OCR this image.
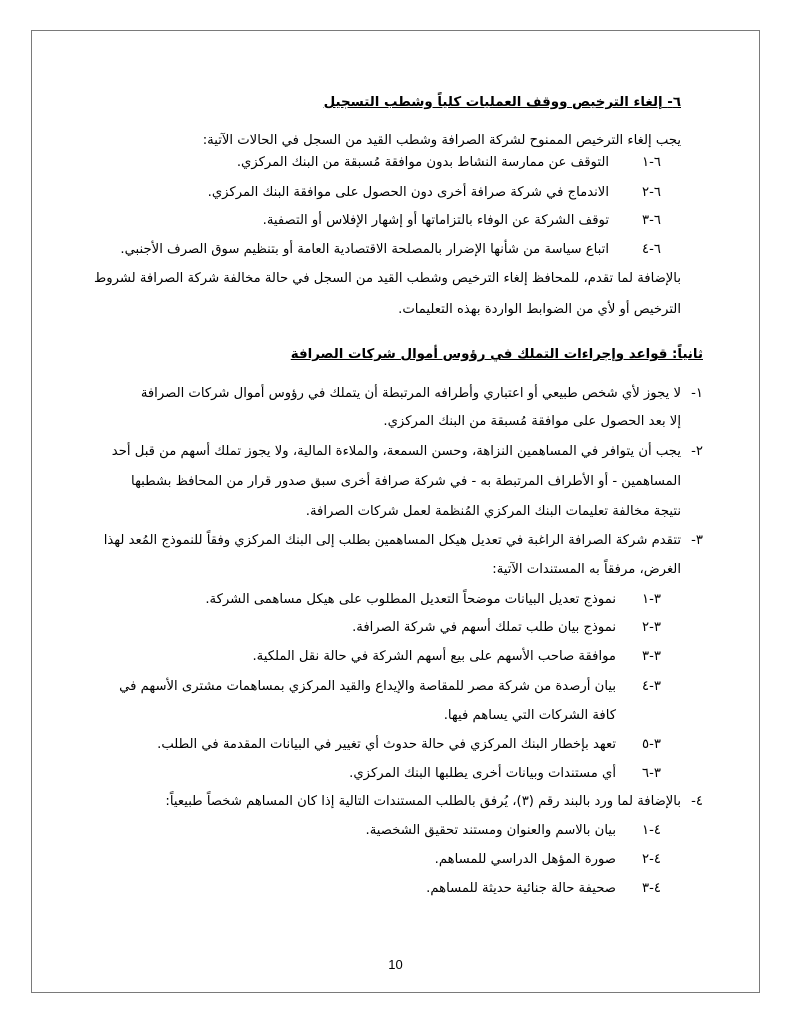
٦- إلغاء الترخيص ووقف العمليات كلياً وشطب التسجيل
يجب إلغاء الترخيص الممنوح لشركة الصرافة وشطب القيد من السجل في الحالات الآتية:
٦-١
التوقف عن ممارسة النشاط بدون موافقة مُسبقة من البنك المركزي.
٦-٢
الاندماج في شركة صرافة أخرى دون الحصول على موافقة البنك المركزي.
٦-٣
توقف الشركة عن الوفاء بالتزاماتها أو إشهار الإفلاس أو التصفية.
٦-٤
اتباع سياسة من شأنها الإضرار بالمصلحة الاقتصادية العامة أو بتنظيم سوق الصرف الأجنبي.
بالإضافة لما تقدم، للمحافظ إلغاء الترخيص وشطب القيد من السجل في حالة مخالفة شركة الصرافة لشروط
الترخيص أو لأي من الضوابط الواردة بهذه التعليمات.
ثانياً: قواعد وإجراءات التملك في رؤوس أموال شركات الصرافة
١-
لا يجوز لأي شخص طبيعي أو اعتباري وأطرافه المرتبطة أن يتملك في رؤوس أموال شركات الصرافة
إلا بعد الحصول على موافقة مُسبقة من البنك المركزي.
٢-
يجب أن يتوافر في المساهمين النزاهة، وحسن السمعة، والملاءة المالية، ولا يجوز تملك أسهم من قبل أحد
المساهمين - أو الأطراف المرتبطة به - في شركة صرافة أخرى سبق صدور قرار من المحافظ بشطبها
نتيجة مخالفة تعليمات البنك المركزي المُنظمة لعمل شركات الصرافة.
٣-
تتقدم شركة الصرافة الراغبة في تعديل هيكل المساهمين بطلب إلى البنك المركزي وفقاً للنموذج المُعد لهذا
الغرض، مرفقاً به المستندات الآتية:
٣-١
نموذج تعديل البيانات موضحاً التعديل المطلوب على هيكل مساهمى الشركة.
٣-٢
نموذج بيان طلب تملك أسهم في شركة الصرافة.
٣-٣
موافقة صاحب الأسهم على بيع أسهم الشركة في حالة نقل الملكية.
٣-٤
بيان أرصدة من شركة مصر للمقاصة والإيداع والقيد المركزي بمساهمات مشترى الأسهم في
كافة الشركات التي يساهم فيها.
٣-٥
تعهد بإخطار البنك المركزي في حالة حدوث أي تغيير في البيانات المقدمة في الطلب.
٣-٦
أي مستندات وبيانات أخرى يطلبها البنك المركزي.
٤-
بالإضافة لما ورد بالبند رقم (٣)، يُرفق بالطلب المستندات التالية إذا كان المساهم شخصاً طبيعياً:
٤-١
بيان بالاسم والعنوان ومستند تحقيق الشخصية.
٤-٢
صورة المؤهل الدراسي للمساهم.
٤-٣
صحيفة حالة جنائية حديثة للمساهم.
10
